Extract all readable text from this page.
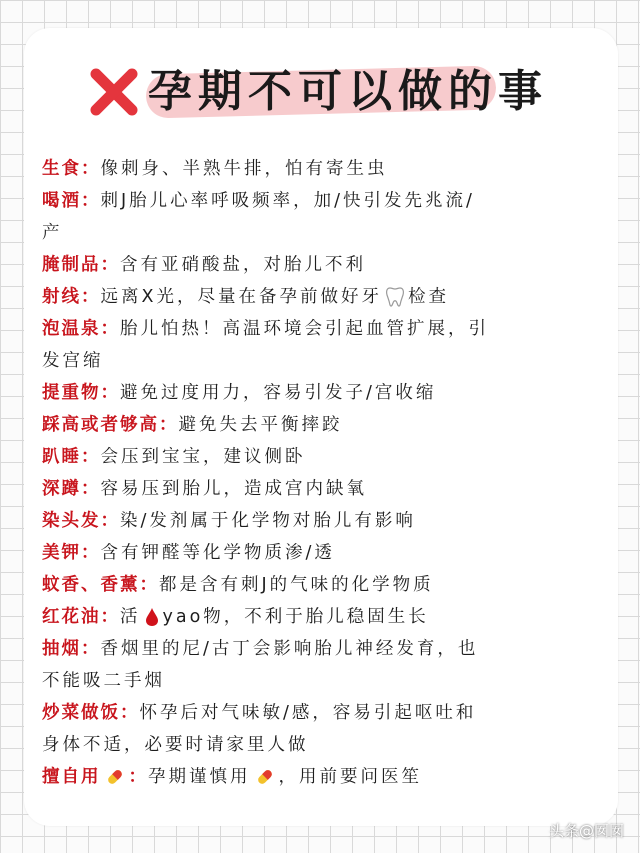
孕期不可以做的事
生食：像刺身、半熟牛排，怕有寄生虫
喝酒：刺J胎儿心率呼吸频率，加/快引发先兆流/
产
腌制品：含有亚硝酸盐，对胎儿不利
射线：远离X光，尽量在备孕前做好牙 检查
泡温泉：胎儿怕热！高温环境会引起血管扩展，引
发宫缩
提重物：避免过度用力，容易引发子/宫收缩
踩高或者够高：避免失去平衡摔跤
趴睡：会压到宝宝，建议侧卧
深蹲：容易压到胎儿，造成宫内缺氧
染头发：染/发剂属于化学物对胎儿有影响
美钾：含有钾醛等化学物质渗/透
蚊香、香薰：都是含有刺J的气味的化学物质
红花油：活 yao物，不利于胎儿稳固生长
抽烟：香烟里的尼/古丁会影响胎儿神经发育，也
不能吸二手烟
炒菜做饭：怀孕后对气味敏/感，容易引起呕吐和
身体不适，必要时请家里人做
擅自用 ：孕期谨慎用 ，用前要问医笙
头条@囡囡
